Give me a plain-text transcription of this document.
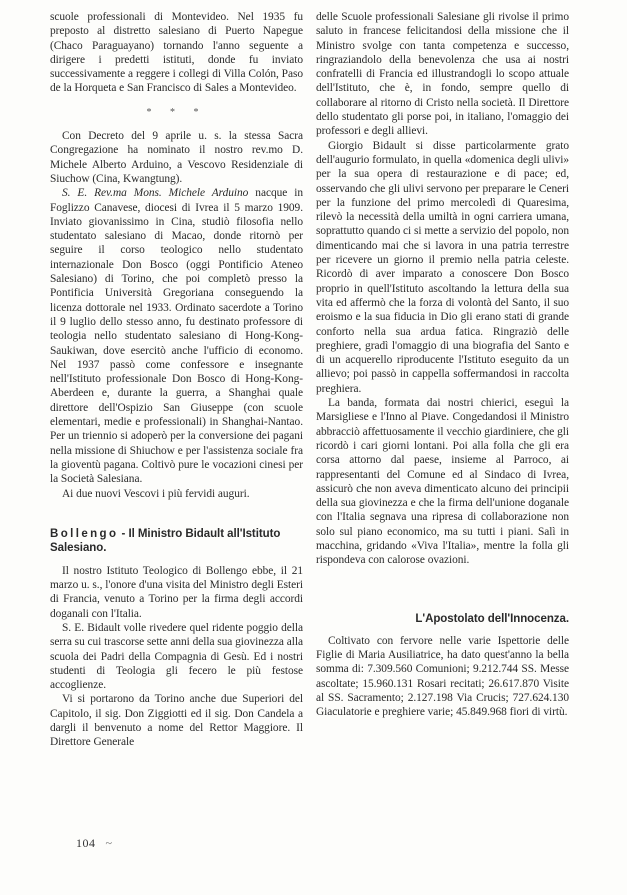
scuole professionali di Montevideo. Nel 1935 fu preposto al distretto salesiano di Puerto Napegue (Chaco Paraguayano) tornando l'anno seguente a dirigere i predetti istituti, donde fu inviato successivamente a reggere i collegi di Villa Colón, Paso de la Horqueta e San Francisco di Sales a Montevideo.

* * *

Con Decreto del 9 aprile u. s. la stessa Sacra Congregazione ha nominato il nostro rev.mo D. Michele Alberto Arduino, a Vescovo Residenziale di Siuchow (Cina, Kwangtung).

S. E. Rev.ma Mons. Michele Arduino nacque in Foglizzo Canavese, diocesi di Ivrea il 5 marzo 1909. Inviato giovanissimo in Cina, studiò filosofia nello studentato salesiano di Macao, donde ritornò per seguire il corso teologico nello studentato internazionale Don Bosco (oggi Pontificio Ateneo Salesiano) di Torino, che poi completò presso la Pontificia Università Gregoriana conseguendo la licenza dottorale nel 1933. Ordinato sacerdote a Torino il 9 luglio dello stesso anno, fu destinato professore di teologia nello studentato salesiano di Hong-Kong-Saukiwan, dove esercitò anche l'ufficio di economo. Nel 1937 passò come confessore e insegnante nell'Istituto professionale Don Bosco di Hong-Kong-Aberdeen e, durante la guerra, a Shanghai quale direttore dell'Ospizio San Giuseppe (con scuole elementari, medie e professionali) in Shanghai-Nantao. Per un triennio si adoperò per la conversione dei pagani nella missione di Shiuchow e per l'assistenza sociale fra la gioventù pagana. Coltivò pure le vocazioni cinesi per la Società Salesiana.

Ai due nuovi Vescovi i più fervidi auguri.

Bollengo - Il Ministro Bidault all'Istituto Salesiano.

Il nostro Istituto Teologico di Bollengo ebbe, il 21 marzo u. s., l'onore d'una visita del Ministro degli Esteri di Francia, venuto a Torino per la firma degli accordi doganali con l'Italia.

S. E. Bidault volle rivedere quel ridente poggio della serra su cui trascorse sette anni della sua giovinezza alla scuola dei Padri della Compagnia di Gesù. Ed i nostri studenti di Teologia gli fecero le più festose accoglienze.

Vi si portarono da Torino anche due Superiori del Capitolo, il sig. Don Ziggiotti ed il sig. Don Candela a dargli il benvenuto a nome del Rettor Maggiore. Il Direttore Generale

delle Scuole professionali Salesiane gli rivolse il primo saluto in francese felicitandosi della missione che il Ministro svolge con tanta competenza e successo, ringraziandolo della benevolenza che usa ai nostri confratelli di Francia ed illustrandogli lo scopo attuale dell'Istituto, che è, in fondo, sempre quello di collaborare al ritorno di Cristo nella società. Il Direttore dello studentato gli porse poi, in italiano, l'omaggio dei professori e degli allievi.

Giorgio Bidault si disse particolarmente grato dell'augurio formulato, in quella «domenica degli ulivi» per la sua opera di restaurazione e di pace; ed, osservando che gli ulivi servono per preparare le Ceneri per la funzione del primo mercoledì di Quaresima, rilevò la necessità della umiltà in ogni carriera umana, soprattutto quando ci si mette a servizio del popolo, non dimenticando mai che si lavora in una patria terrestre per ricevere un giorno il premio nella patria celeste. Ricordò di aver imparato a conoscere Don Bosco proprio in quell'Istituto ascoltando la lettura della sua vita ed affermò che la forza di volontà del Santo, il suo eroismo e la sua fiducia in Dio gli erano stati di grande conforto nella sua ardua fatica. Ringraziò delle preghiere, gradì l'omaggio di una biografia del Santo e di un acquerello riproducente l'Istituto eseguito da un allievo; poi passò in cappella soffermandosi in raccolta preghiera.

La banda, formata dai nostri chierici, eseguì la Marsigliese e l'Inno al Piave. Congedandosi il Ministro abbracciò affettuosamente il vecchio giardiniere, che gli ricordò i cari giorni lontani. Poi alla folla che gli era corsa attorno dal paese, insieme al Parroco, ai rappresentanti del Comune ed al Sindaco di Ivrea, assicurò che non aveva dimenticato alcuno dei principii della sua giovinezza e che la firma dell'unione doganale con l'Italia segnava una ripresa di collaborazione non solo sul piano economico, ma su tutti i piani. Salì in macchina, gridando «Viva l'Italia», mentre la folla gli rispondeva con calorose ovazioni.

L'Apostolato dell'Innocenza.

Coltivato con fervore nelle varie Ispettorie delle Figlie di Maria Ausiliatrice, ha dato quest'anno la bella somma di: 7.309.560 Comunioni; 9.212.744 SS. Messe ascoltate; 15.960.131 Rosari recitati; 26.617.870 Visite al SS. Sacramento; 2.127.198 Via Crucis; 727.624.130 Giaculatorie e preghiere varie; 45.849.968 fiori di virtù.

104 ~
